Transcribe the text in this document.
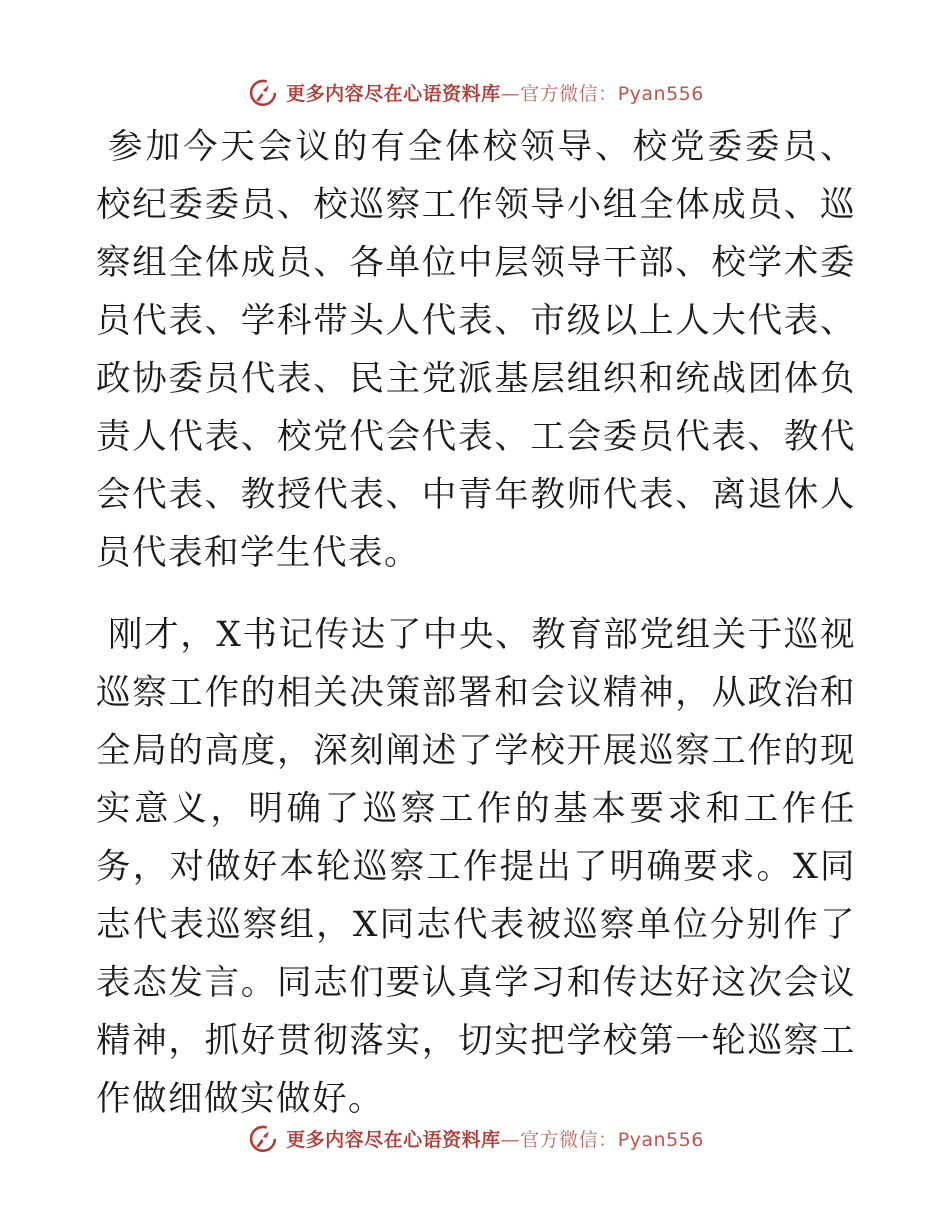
更多内容尽在心语资料库—官方微信：Pyan556

参加今天会议的有全体校领导、校党委委员、校纪委委员、校巡察工作领导小组全体成员、巡察组全体成员、各单位中层领导干部、校学术委员代表、学科带头人代表、市级以上人大代表、政协委员代表、民主党派基层组织和统战团体负责人代表、校党代会代表、工会委员代表、教代会代表、教授代表、中青年教师代表、离退休人员代表和学生代表。

刚才，X书记传达了中央、教育部党组关于巡视巡察工作的相关决策部署和会议精神，从政治和全局的高度，深刻阐述了学校开展巡察工作的现实意义，明确了巡察工作的基本要求和工作任务，对做好本轮巡察工作提出了明确要求。X同志代表巡察组，X同志代表被巡察单位分别作了表态发言。同志们要认真学习和传达好这次会议精神，抓好贯彻落实，切实把学校第一轮巡察工作做细做实做好。

更多内容尽在心语资料库—官方微信：Pyan556
